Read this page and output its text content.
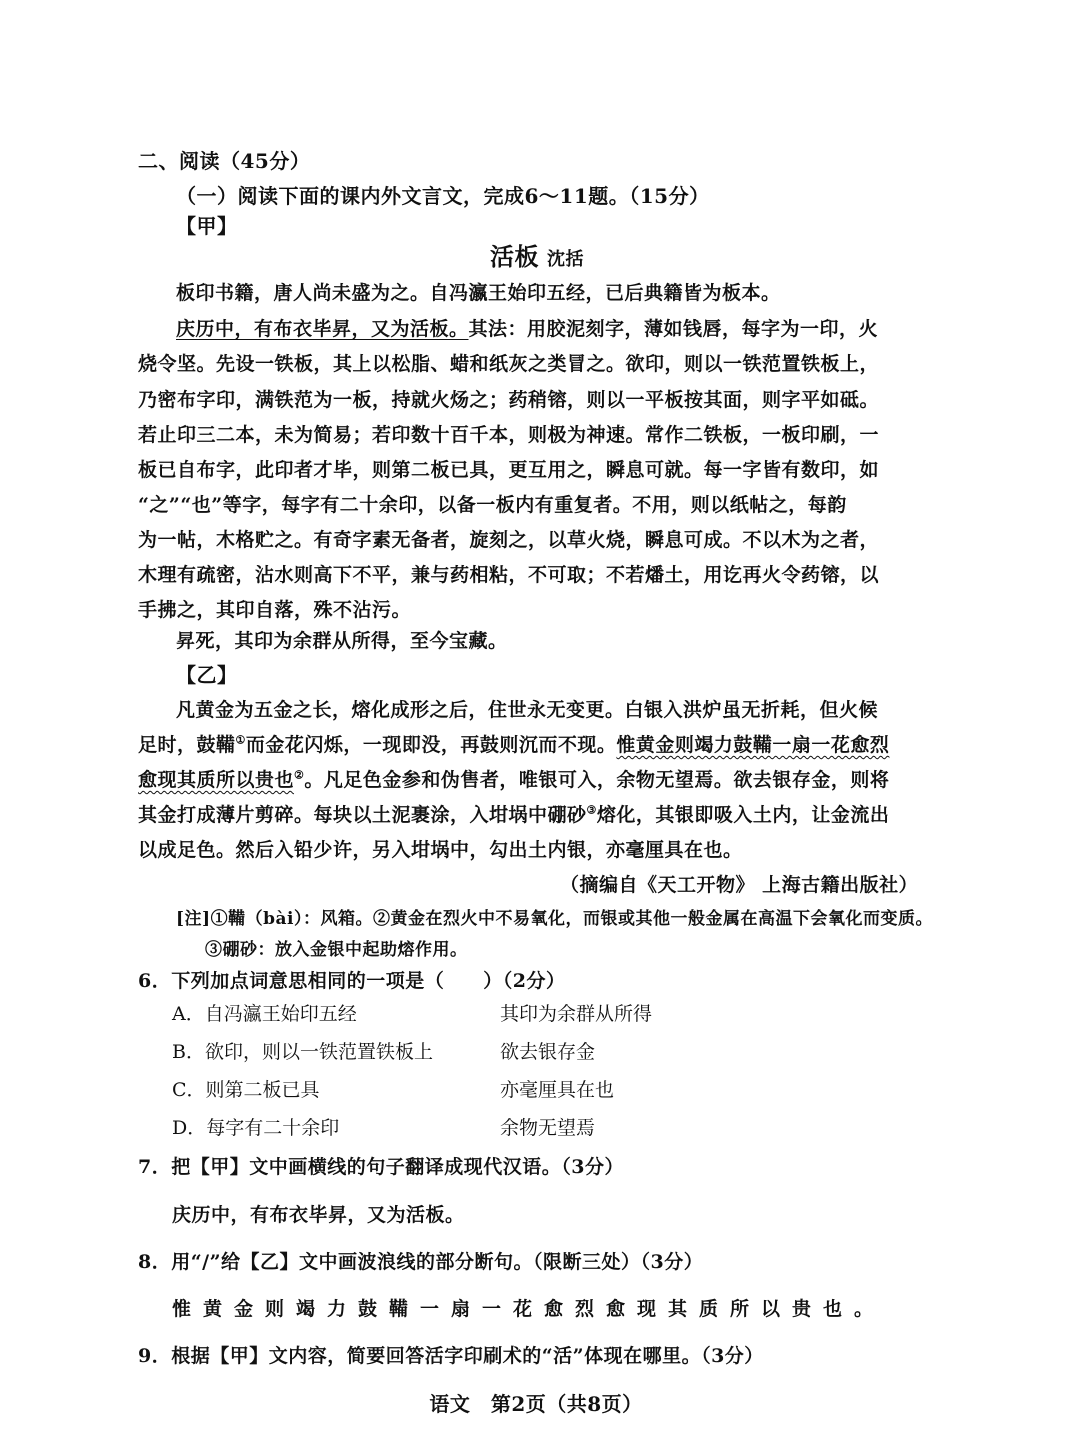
二、阅读（45分）
（一）阅读下面的课内外文言文，完成6～11题。（15分）
【甲】
活板 沈括
板印书籍，唐人尚未盛为之。自冯瀛王始印五经，已后典籍皆为板本。
庆历中，有布衣毕昇，又为活板。其法：用胶泥刻字，薄如钱唇，每字为一印，火
烧令坚。先设一铁板，其上以松脂、蜡和纸灰之类冒之。欲印，则以一铁范置铁板上，
乃密布字印，满铁范为一板，持就火炀之；药稍镕，则以一平板按其面，则字平如砥。
若止印三二本，未为简易；若印数十百千本，则极为神速。常作二铁板，一板印刷，一
板已自布字，此印者才毕，则第二板已具，更互用之，瞬息可就。每一字皆有数印，如
“之”“也”等字，每字有二十余印，以备一板内有重复者。不用，则以纸帖之，每韵
为一帖，木格贮之。有奇字素无备者，旋刻之，以草火烧，瞬息可成。不以木为之者，
木理有疏密，沾水则高下不平，兼与药相粘，不可取；不若燔土，用讫再火令药镕，以
手拂之，其印自落，殊不沾污。
昇死，其印为余群从所得，至今宝藏。
【乙】
凡黄金为五金之长，熔化成形之后，住世永无变更。白银入洪炉虽无折耗，但火候
足时，鼓鞴①而金花闪烁，一现即没，再鼓则沉而不现。惟黄金则竭力鼓鞴一扇一花愈烈
愈现其质所以贵也②。凡足色金参和伪售者，唯银可入，余物无望焉。欲去银存金，则将
其金打成薄片剪碎。每块以土泥裹涂，入坩埚中硼砂③熔化，其银即吸入土内，让金流出
以成足色。然后入铅少许，另入坩埚中，勾出土内银，亦毫厘具在也。
（摘编自《天工开物》 上海古籍出版社）
[注]①鞴（bài）：风箱。②黄金在烈火中不易氧化，而银或其他一般金属在高温下会氧化而变质。
③硼砂：放入金银中起助熔作用。
6．下列加点词意思相同的一项是（　　）（2分）
A．自冯瀛王始印五经	其印为余群从所得
B．欲印，则以一铁范置铁板上	欲去银存金
C．则第二板已具	亦毫厘具在也
D．每字有二十余印	余物无望焉
7．把【甲】文中画横线的句子翻译成现代汉语。（3分）
庆历中，有布衣毕昇，又为活板。
8．用“/”给【乙】文中画波浪线的部分断句。（限断三处）（3分）
惟黄金则竭力鼓鞴一扇一花愈烈愈现其质所以贵也。
9．根据【甲】文内容，简要回答活字印刷术的“活”体现在哪里。（3分）
语文　第2页（共8页）
